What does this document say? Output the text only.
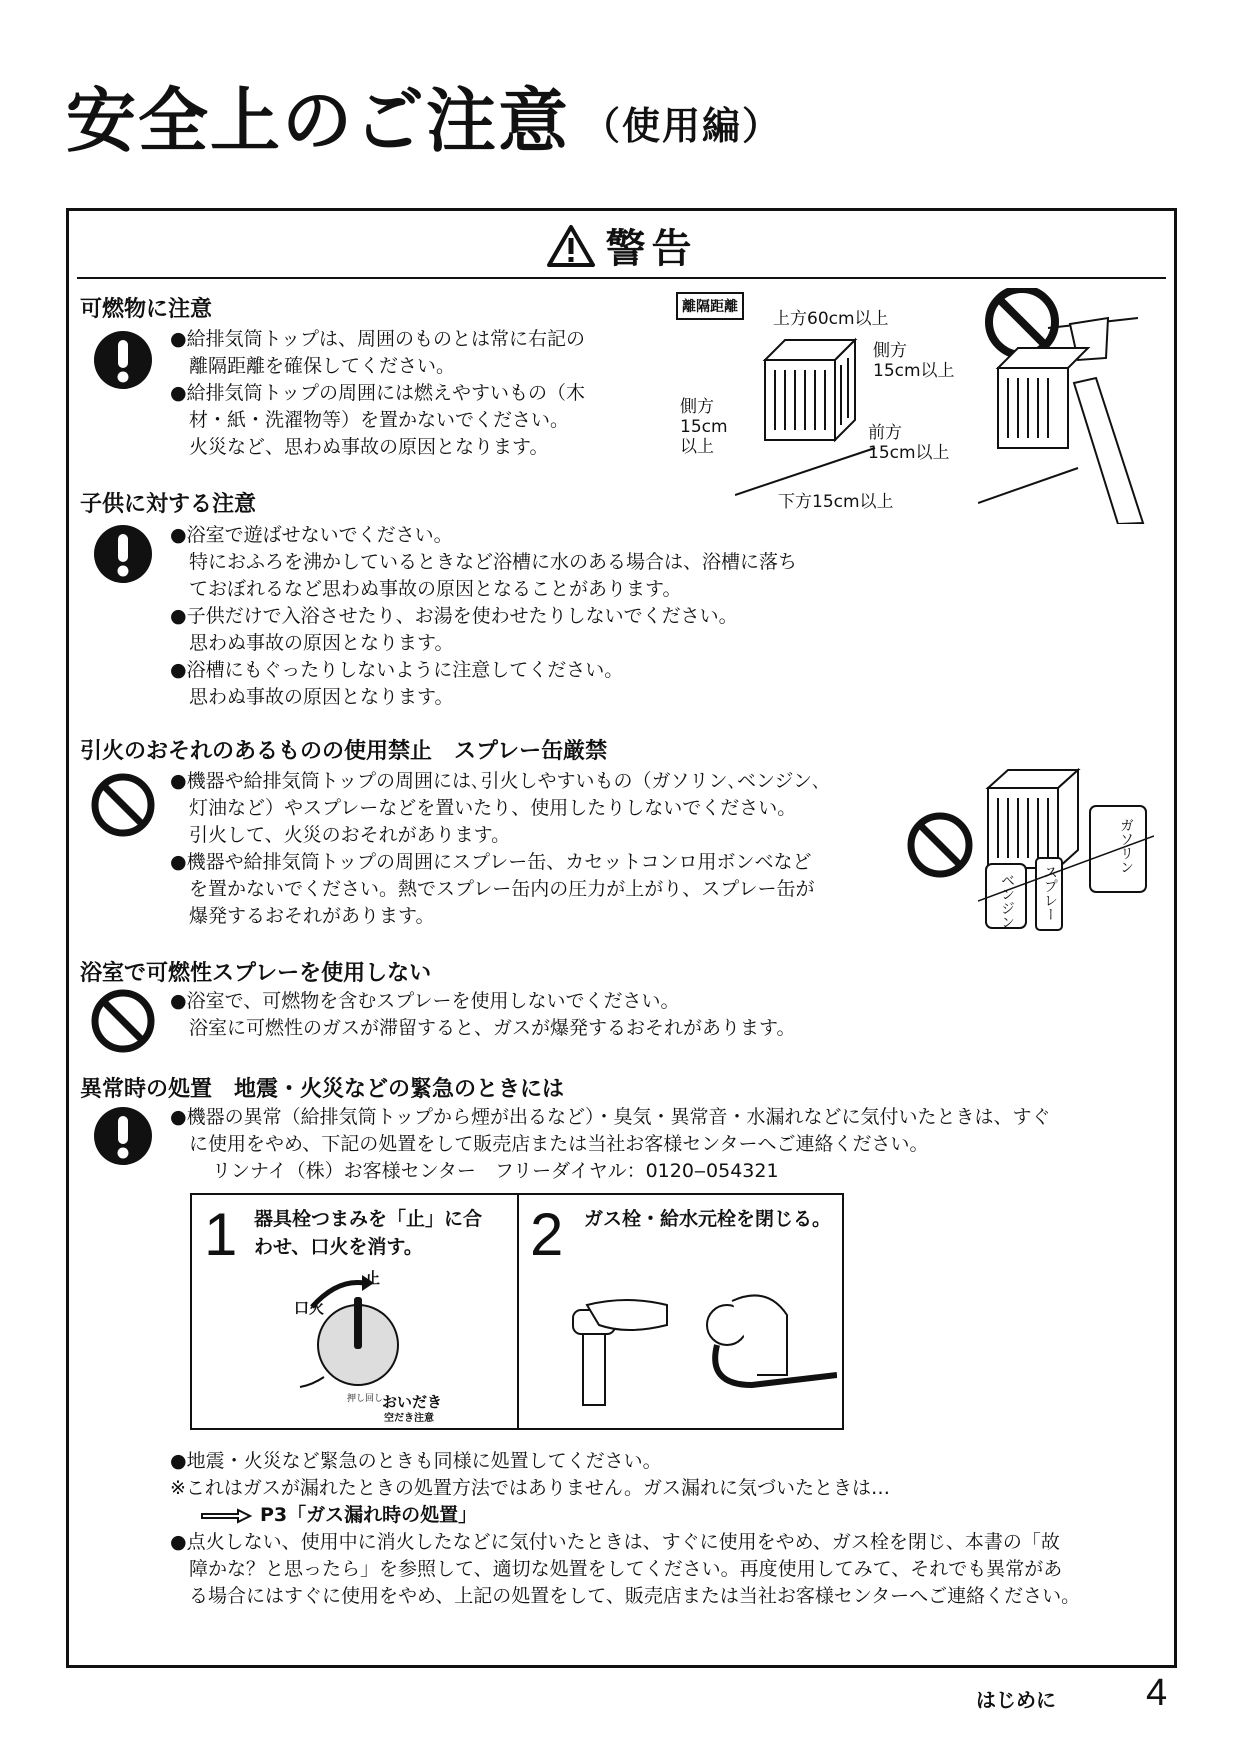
安全上のご注意 （使用編）
警告
可燃物に注意
●給排気筒トップは、周囲のものとは常に右記の
離隔距離を確保してください。
●給排気筒トップの周囲には燃えやすいもの（木
材・紙・洗濯物等）を置かないでください。
火災など、思わぬ事故の原因となります。
離隔距離
上方60cm以上
側方
15cm以上
側方
15cm
以上
前方
15cm以上
下方15cm以上
子供に対する注意
●浴室で遊ばせないでください。
特におふろを沸かしているときなど浴槽に水のある場合は、浴槽に落ち
ておぼれるなど思わぬ事故の原因となることがあります。
●子供だけで入浴させたり、お湯を使わせたりしないでください。
思わぬ事故の原因となります。
●浴槽にもぐったりしないように注意してください。
思わぬ事故の原因となります。
引火のおそれのあるものの使用禁止　スプレー缶厳禁
●機器や給排気筒トップの周囲には､引火しやすいもの（ガソリン､ベンジン､
灯油など）やスプレーなどを置いたり、使用したりしないでください。
引火して、火災のおそれがあります。
●機器や給排気筒トップの周囲にスプレー缶、カセットコンロ用ボンベなど
を置かないでください。熱でスプレー缶内の圧力が上がり、スプレー缶が
爆発するおそれがあります。	ベンジン スプレー
ガソリン
浴室で可燃性スプレーを使用しない
●浴室で、可燃物を含むスプレーを使用しないでください。
浴室に可燃性のガスが滞留すると、ガスが爆発するおそれがあります。
異常時の処置　地震・火災などの緊急のときには
●機器の異常（給排気筒トップから煙が出るなど）・臭気・異常音・水漏れなどに気付いたときは、すぐ
に使用をやめ、下記の処置をして販売店または当社お客様センターへご連絡ください。
リンナイ（株）お客様センター　フリーダイヤル：0120‒054321
1 器具栓つまみを「止」に合
わせ、口火を消す。
止
口火
押し回し
おいだき
空だき注意
2 ガス栓・給水元栓を閉じる。
●地震・火災など緊急のときも同様に処置してください。
※これはガスが漏れたときの処置方法ではありません。ガス漏れに気づいたときは…
P3「ガス漏れ時の処置」
●点火しない、使用中に消火したなどに気付いたときは、すぐに使用をやめ、ガス栓を閉じ、本書の「故
障かな？と思ったら」を参照して、適切な処置をしてください。再度使用してみて、それでも異常があ
る場合にはすぐに使用をやめ、上記の処置をして、販売店または当社お客様センターへご連絡ください。
はじめに 4
